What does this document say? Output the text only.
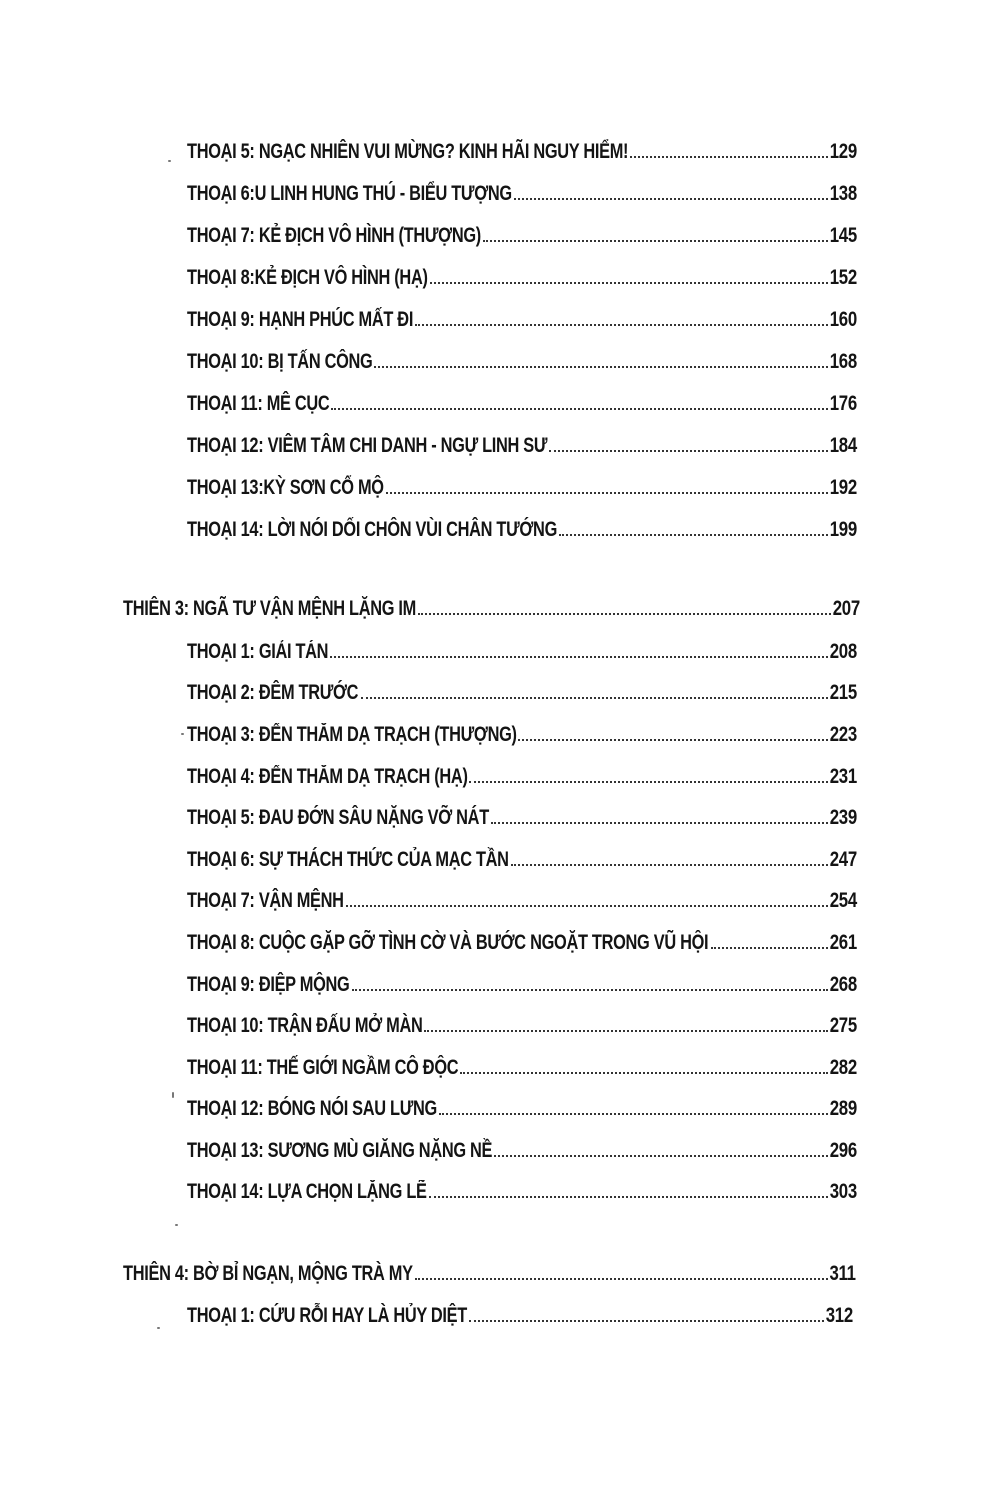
THOẠI 5: NGẠC NHIÊN VUI MỪNG? KINH HÃI NGUY HIỂM!	129
THOẠI 6:U LINH HUNG THÚ - BIỂU TƯỢNG	138
THOẠI 7: KẺ ĐỊCH VÔ HÌNH (THƯỢNG)	145
THOẠI 8:KẺ ĐỊCH VÔ HÌNH (HẠ)	152
THOẠI 9: HẠNH PHÚC MẤT ĐI	160
THOẠI 10: BỊ TẤN CÔNG	168
THOẠI 11: MÊ CỤC	176
THOẠI 12: VIÊM TÂM CHI DANH - NGỰ LINH SƯ	184
THOẠI 13:KỲ SƠN CỔ MỘ	192
THOẠI 14: LỜI NÓI DỐI CHÔN VÙI CHÂN TƯỚNG	199
THIÊN 3: NGÃ TƯ VẬN MỆNH LẶNG IM	207
THOẠI 1: GIẢI TÁN	208
THOẠI 2: ĐÊM TRƯỚC	215
THOẠI 3: ĐẾN THĂM DẠ TRẠCH (THƯỢNG)	223
THOẠI 4: ĐẾN THĂM DẠ TRẠCH (HẠ)	231
THOẠI 5: ĐAU ĐỚN SÂU NẶNG VỠ NÁT	239
THOẠI 6: SỰ THÁCH THỨC CỦA MẠC TẦN	247
THOẠI 7: VẬN MỆNH	254
THOẠI 8: CUỘC GẶP GỠ TÌNH CỜ VÀ BƯỚC NGOẶT TRONG VŨ HỘI	261
THOẠI 9: ĐIỆP MỘNG	268
THOẠI 10: TRẬN ĐẤU MỞ MÀN	275
THOẠI 11: THẾ GIỚI NGẦM CÔ ĐỘC	282
THOẠI 12: BÓNG NÓI SAU LƯNG	289
THOẠI 13: SƯƠNG MÙ GIĂNG NẶNG NỀ	296
THOẠI 14: LỰA CHỌN LẶNG LẼ	303
THIÊN 4: BỜ BỈ NGẠN, MỘNG TRÀ MY	311
THOẠI 1: CỨU RỖI HAY LÀ HỦY DIỆT	312
